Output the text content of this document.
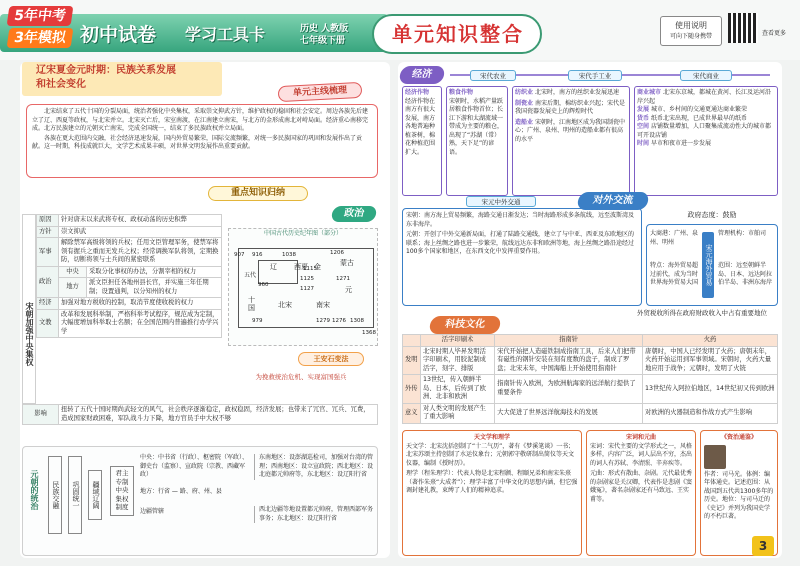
5年中考
3年模拟 初中试卷 学习工具卡	历史 人教版
七年级下册 单元知识整合	使用说明
可向下随身携带	查看更多
辽宋夏金元时期：民族关系发展和社会变化
单元主线梳理

北宋结束了五代十国的分裂局面，统治者强化中央集权，采取崇文抑武方针，维护政权的稳固和社会安定。周边各族先后建立了辽、西夏等政权，与北宋并立。北宋灭亡后，宋室南渡，在江南建立南宋，与北方的金形成南北对峙局面。经济重心南移完成。北方民族建立的元朝灭亡南宋，完成全国统一，结束了多民族政权并立局面。

各族在更大范围内交融，社会经济迅速发展，国内外贸易繁荣，国际交流频繁，对统一多民族国家的巩固和发展作出了贡献。这一时期，科技成就巨大，文学艺术成果丰硕，对世界文明发展作出重要贡献。

重点知识归纳
政治
宋朝加强中央集权
原因	针对唐末以来武将专权、政权动荡的历史积弊	
方针	崇文抑武	
军事	解除禁军高级将领的兵权；任用文臣管理军务，使禁军将领有握兵之重而无发兵之权；经常调换军队将领，定期换防，切断将领与士兵间的紧密联系	
政治	中央	采取分化事权的办法，分割宰相的权力
	地方	派文臣担任各地州县长官，并实施三年任期制；设置通判，以分知州的权力
经济	加强对地方税收的控制，取消节度使收税的权力	
文教	改革和发展科举制，严格科举考试程序，规范成为定制，大幅度增加科举取士名额；在全国范围内普遍推行办学兴学	
中国古代历史纪年图（部分）
辽 西夏 金	蒙古
元
十国	北宋	南宋
907 916
960
1038
1115
1125
1127
1206
1271
1276
1279	1308
1368
979
五代
王安石变法
为挽救统治危机、实现富国强兵
影响	扭转了五代十国时期尚武轻文的风气，社会秩序逐渐稳定，政权稳固，经济发展；也带来了冗官、冗兵、冗费，造成国家财政困难，军队战斗力下降，地方官员手中大权不够
元朝的统治	民族交融	巩固统一	疆域辽阔
君主专制中央集权制度
中央：中书省（行政）、枢密院（军政）、御史台（监察）、宣政院（宗教、西藏军政）
地方：行省 — 路、府、州、县
边疆管辖
东南地区：设澎湖巡检司，加强对台湾的管理；西南地区：设立宣政院；西北地区：设北庭都元帅府等，东北地区：设辽阳行省
西北边疆等地设置都元帅府，管理西部军务事务；东北地区：设辽阳行省
经济	宋代农业	宋代手工业	宋代商业
经济作物
经济作物在南方有很大发展，南方各地普遍种植茶树，棉花种植范围扩大。
粮食作物
宋朝时，水稻产量跃居粮食作物首位；长江下游和太湖流域一带成为主要的粮仓，出现了“苏湖（常）熟，天下足”的谚语。
纺织业 北宋时，南方的丝织业发展迅速
制瓷业 南宋后期，棉纺织业兴起；宋代是我国瓷器发展史上的辉煌时代
造船业 宋朝时，江南地区成为我国制瓷中心；广州、泉州、明州的造船业都有很高的水平
商业城市 北宋东京城，都城在黄河、长江及运河沿岸兴起
发展 城市、乡村间的交通更通达商业繁荣
货币 纸币北宋出现，已成世界最早的纸币
空间 店铺数量增加，人口聚集成流动性大的城市都可开设店铺
时间 早市和夜市进一步发展
宋元中外交通	对外交流

宋朝：南方海上贸易频繁，海路交通日渐发达；当时海路形成多条航线，远至波斯湾及东非海岸。

元朝：开创了中外交通新局面，打通了陆路交通线，建立了与中亚、西亚及东欧地区的联系；海上丝绸之路也进一步繁荣，航线远达东非和欧洲等地，海上丝绸之路沿途经过100多个国家和地区，在东西文化中发挥重要作用。

政府态度：鼓励
大商港：广州、泉州、明州
宋元海外贸易
管理机构：市舶司
特点：海外贸易超过前代，成为当时世界海外贸易大国
范围：远至朝鲜半岛、日本、远达阿拉伯半岛、非洲东海岸
外贸税收所得在政府财政收入中占有重要地位
科技文化
	活字印刷术	指南针	火药
发明	北宋时期人毕昇发明活字印刷术，用胶泥制成活字，刻字、排版	宋代开始把人造磁铁制成指南工具，后来人们把带有磁性的钢针安装在刻有度数的盘子，制成了罗盘；北宋末年，中国海船上开始使用指南针	唐朝时，中国人已经发明了火药；唐朝末年，火药开始运用到军事领域。宋朝时，火药大量地应用于战争；元朝时，发明了火铳
外传	13世纪，传入朝鲜半岛、日本，后传到了欧洲、北非和欧洲	指南针传入欧洲，为欧洲航海家的远洋航行提供了重要条件	13世纪传入阿拉伯地区，14世纪初又传到欧洲
意义	对人类文明的发展产生了重大影响	大大促进了世界远洋航海技术的发展	对欧洲的火器制造和作战方式产生影响
天文学和理学

天文学：北宋沈括创制了“十二气历”，著有《梦溪笔谈》一书；北宋苏颂主持创制了水运仪象台；元朝郭守敬研制出简仪等天文仪器，编制《授时历》。

理学（程朱理学）：代表人物是北宋程颢、程颐兄弟和南宋朱熹（著作朱熹“大成者”）；理学丰富了中华文化的思想内涵，但它强调封建礼教，束缚了人们的精神追求。

宋词和元曲

宋词：宋代主要的文学形式之一，风格多样，内容广泛，词人层出不穷，杰出的词人有苏轼、李清照、辛弃疾等。

元曲：形式有散曲、杂剧。元代最优秀的杂剧家是关汉卿，代表作是悲剧《窦娥冤》，著名杂剧家还有马致远、王实甫等。

《资治通鉴》

作者：司马光。体例：编年体通史。记述范围：从战国到五代共1300多年的历史。地位：与司马迁的《史记》并列为我国史学的不朽巨著。

3
